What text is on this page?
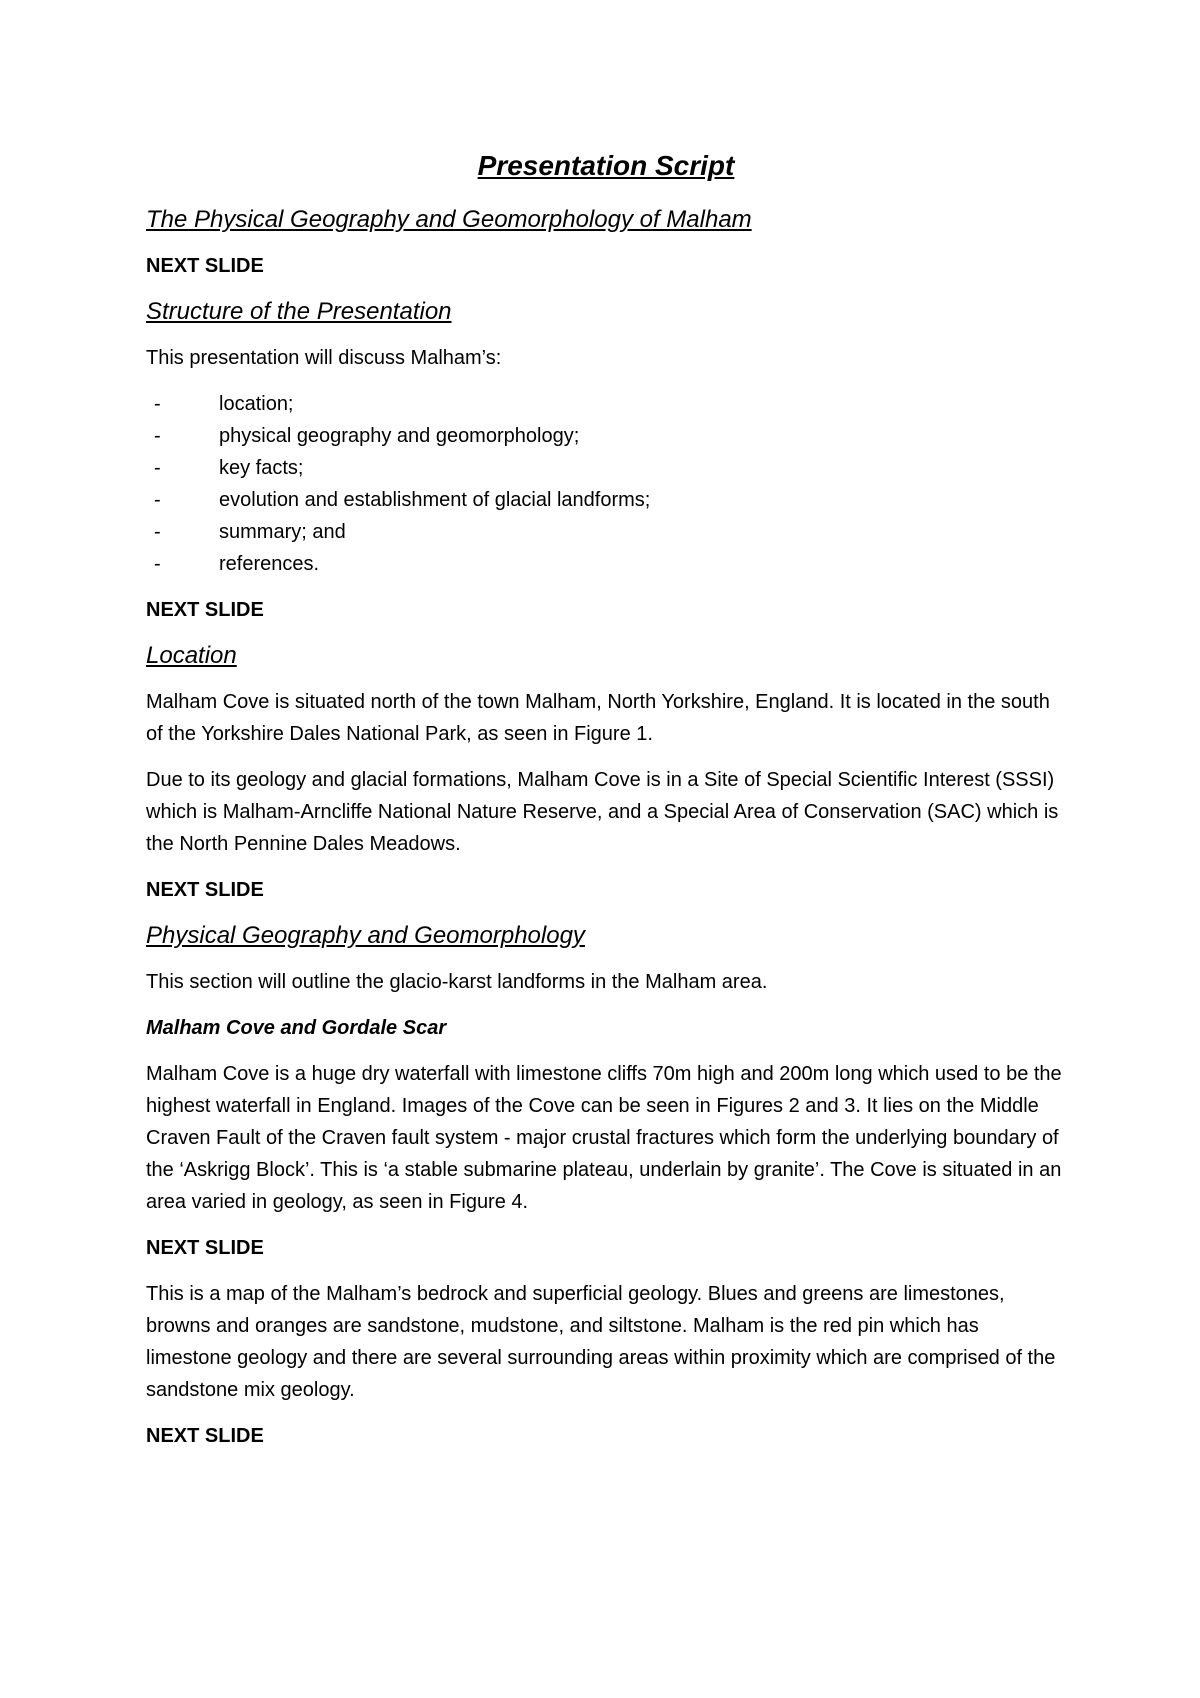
Presentation Script
The Physical Geography and Geomorphology of Malham
NEXT SLIDE
Structure of the Presentation
This presentation will discuss Malham’s:
-	location;
-	physical geography and geomorphology;
-	key facts;
-	evolution and establishment of glacial landforms;
-	summary; and
-	references.
NEXT SLIDE
Location
Malham Cove is situated north of the town Malham, North Yorkshire, England. It is located in the south of the Yorkshire Dales National Park, as seen in Figure 1.
Due to its geology and glacial formations, Malham Cove is in a Site of Special Scientific Interest (SSSI) which is Malham-Arncliffe National Nature Reserve, and a Special Area of Conservation (SAC) which is the North Pennine Dales Meadows.
NEXT SLIDE
Physical Geography and Geomorphology
This section will outline the glacio-karst landforms in the Malham area.
Malham Cove and Gordale Scar
Malham Cove is a huge dry waterfall with limestone cliffs 70m high and 200m long which used to be the highest waterfall in England. Images of the Cove can be seen in Figures 2 and 3. It lies on the Middle Craven Fault of the Craven fault system - major crustal fractures which form the underlying boundary of the ‘Askrigg Block’. This is ‘a stable submarine plateau, underlain by granite’. The Cove is situated in an area varied in geology, as seen in Figure 4.
NEXT SLIDE
This is a map of the Malham’s bedrock and superficial geology. Blues and greens are limestones, browns and oranges are sandstone, mudstone, and siltstone. Malham is the red pin which has limestone geology and there are several surrounding areas within proximity which are comprised of the sandstone mix geology.
NEXT SLIDE
